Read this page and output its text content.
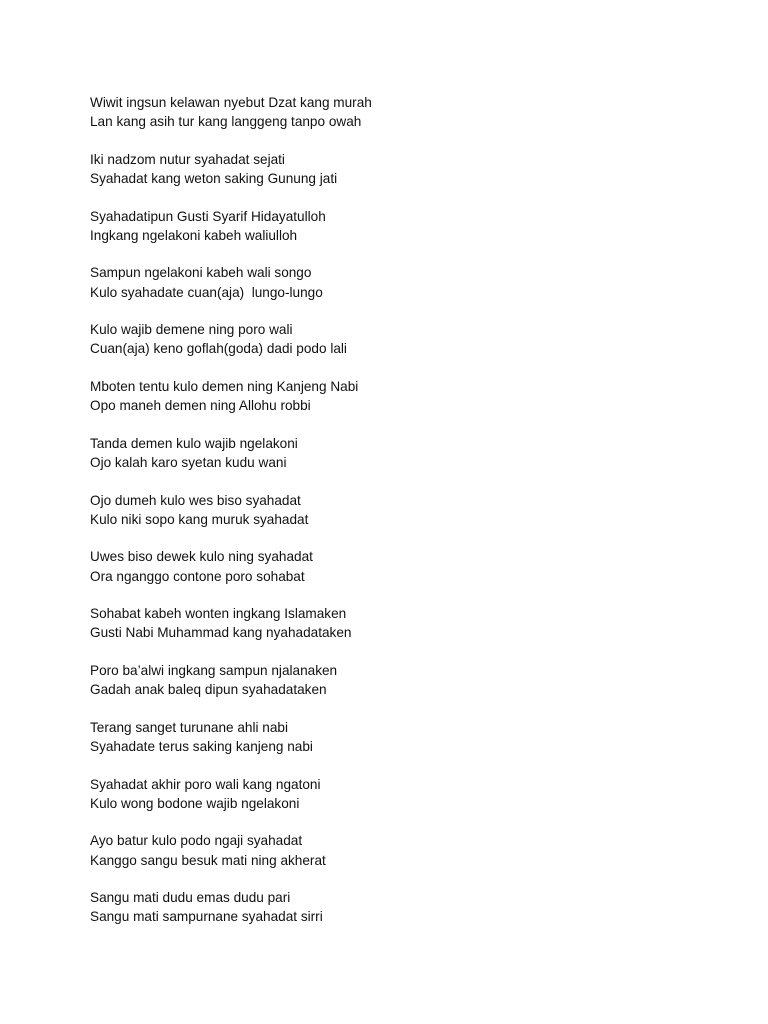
Wiwit ingsun kelawan nyebut Dzat kang murah
Lan kang asih tur kang langgeng tanpo owah
Iki nadzom nutur syahadat sejati
Syahadat kang weton saking Gunung jati
Syahadatipun Gusti Syarif Hidayatulloh
Ingkang ngelakoni kabeh waliulloh
Sampun ngelakoni kabeh wali songo
Kulo syahadate cuan(aja)  lungo-lungo
Kulo wajib demene ning poro wali
Cuan(aja) keno goflah(goda) dadi podo lali
Mboten tentu kulo demen ning Kanjeng Nabi
Opo maneh demen ning Allohu robbi
Tanda demen kulo wajib ngelakoni
Ojo kalah karo syetan kudu wani
Ojo dumeh kulo wes biso syahadat
Kulo niki sopo kang muruk syahadat
Uwes biso dewek kulo ning syahadat
Ora nganggo contone poro sohabat
Sohabat kabeh wonten ingkang Islamaken
Gusti Nabi Muhammad kang nyahadataken
Poro ba’alwi ingkang sampun njalanaken
Gadah anak baleq dipun syahadataken
Terang sanget turunane ahli nabi
Syahadate terus saking kanjeng nabi
Syahadat akhir poro wali kang ngatoni
Kulo wong bodone wajib ngelakoni
Ayo batur kulo podo ngaji syahadat
Kanggo sangu besuk mati ning akherat
Sangu mati dudu emas dudu pari
Sangu mati sampurnane syahadat sirri
